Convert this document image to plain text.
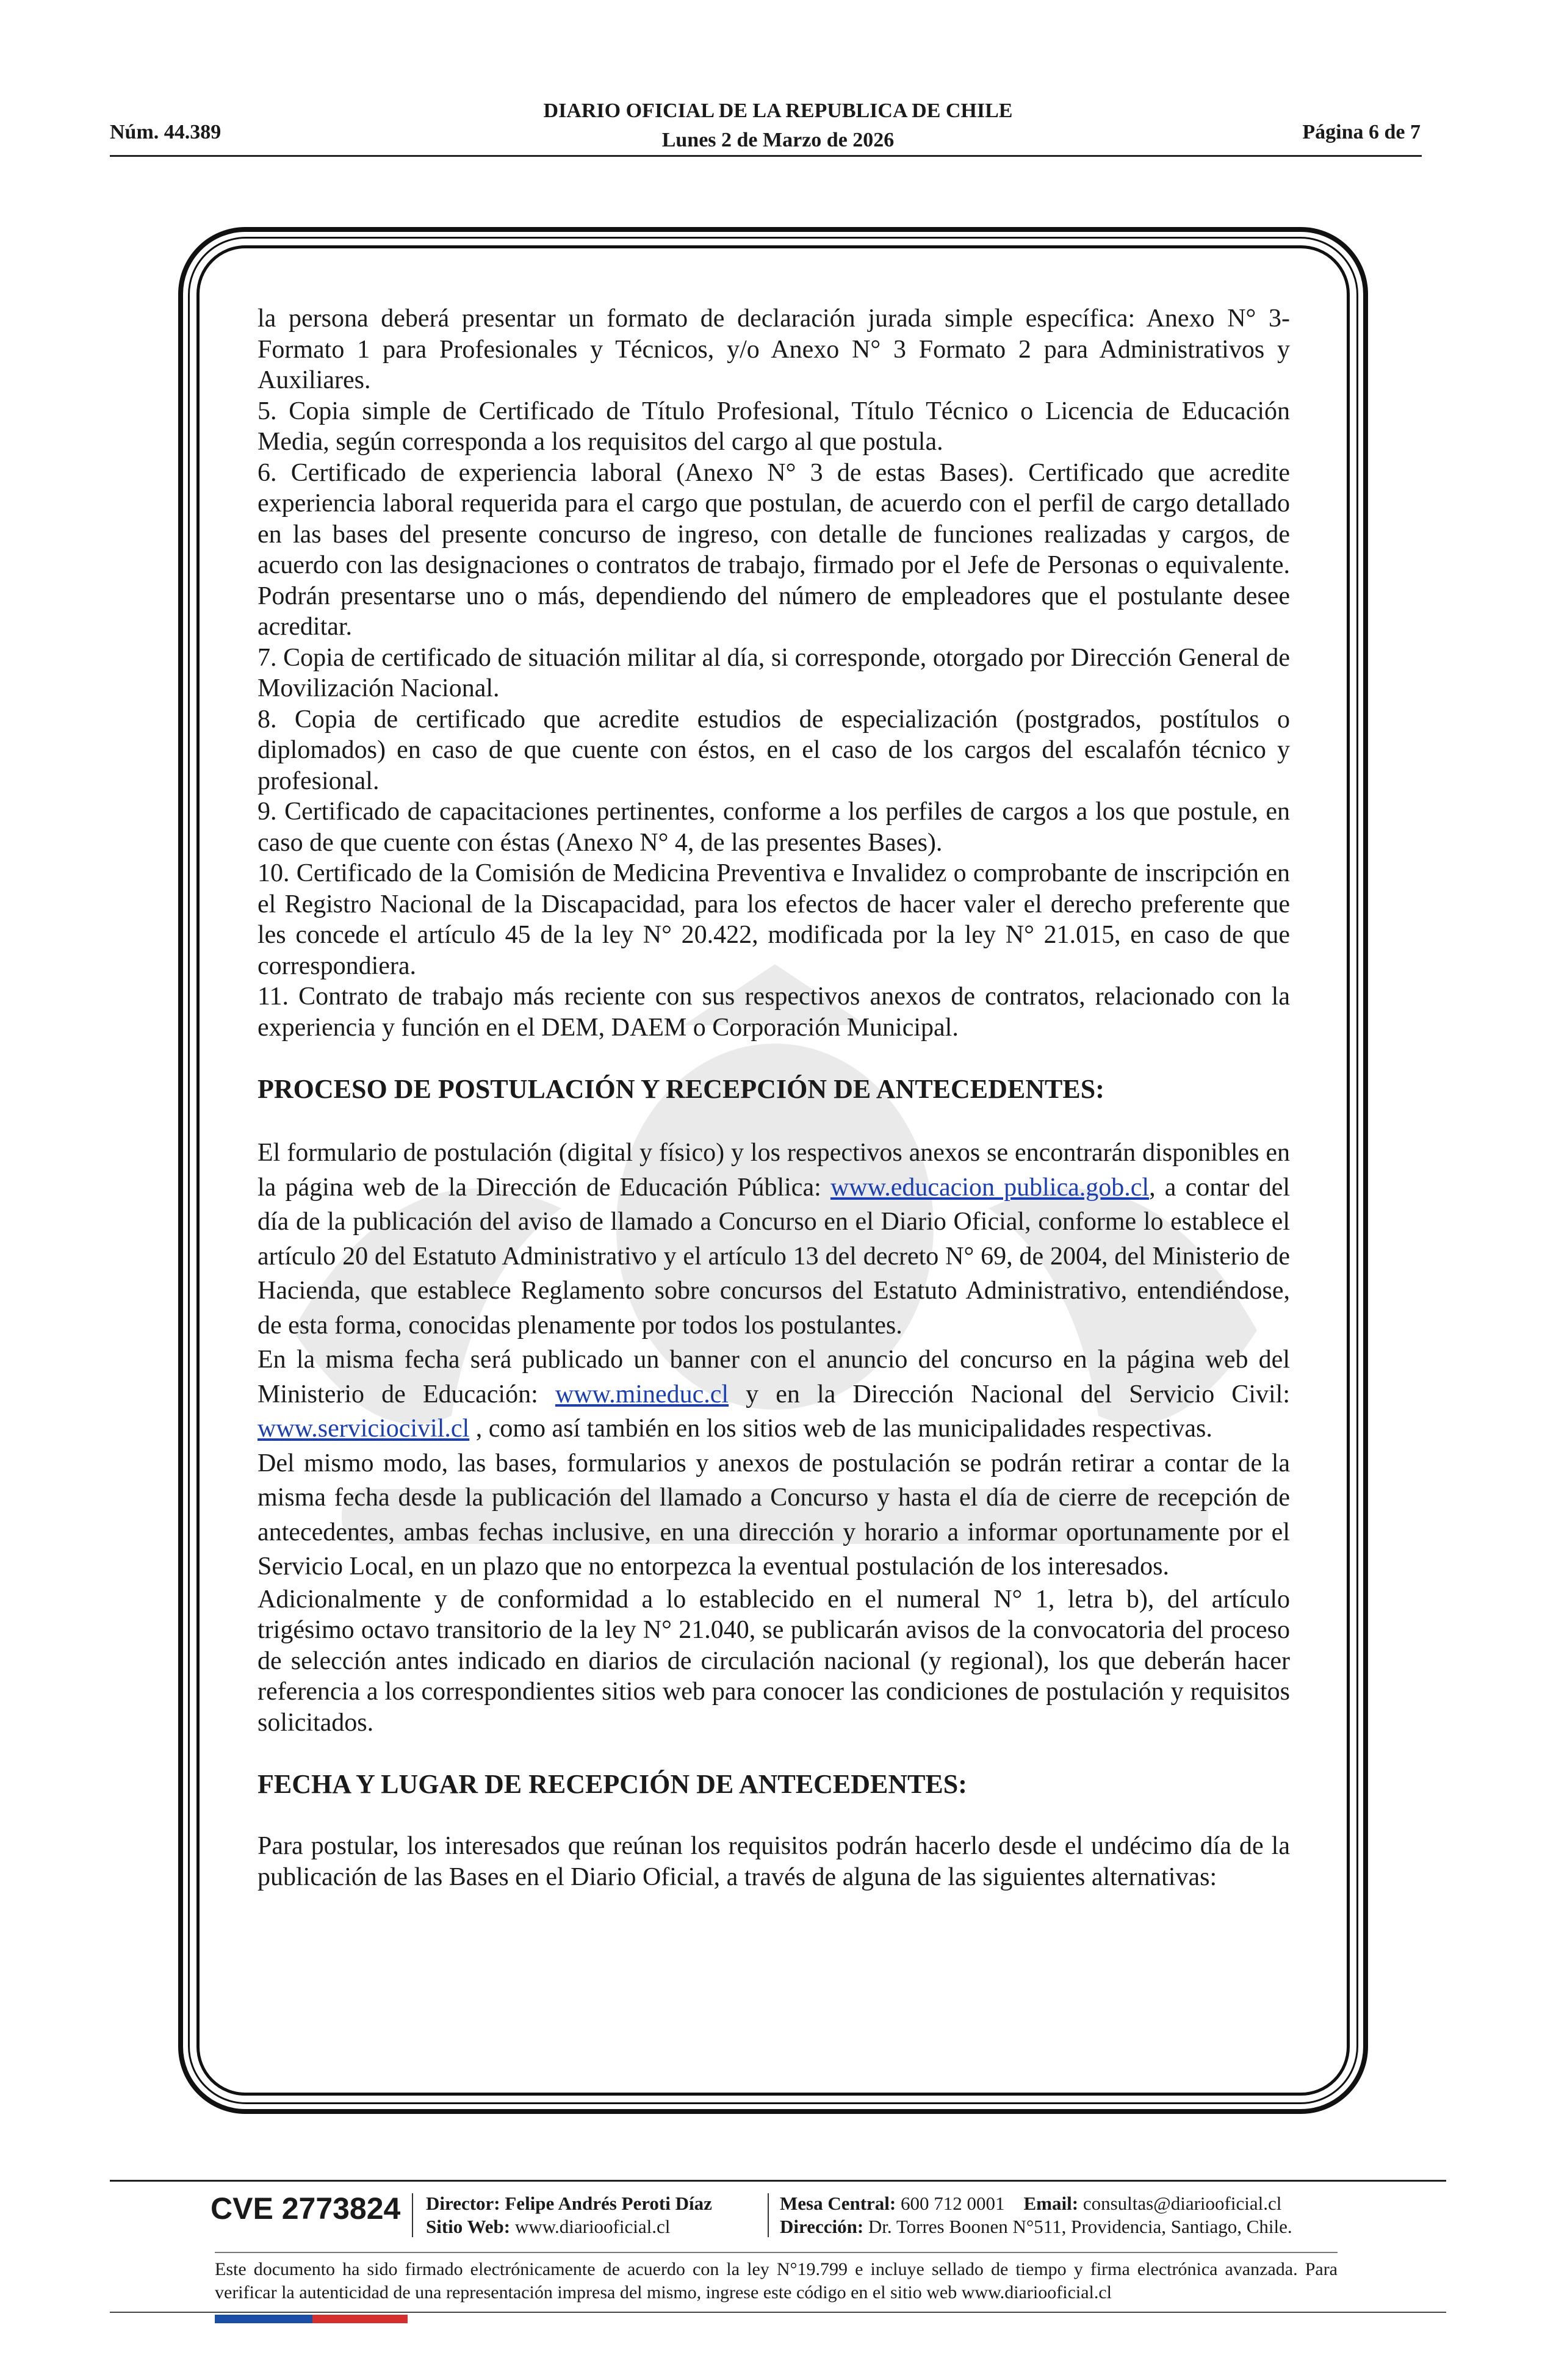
DIARIO OFICIAL DE LA REPUBLICA DE CHILE
Lunes 2 de Marzo de 2026
Núm. 44.389	Página 6 de 7

la persona deberá presentar un formato de declaración jurada simple específica: Anexo N° 3-Formato 1 para Profesionales y Técnicos, y/o Anexo N° 3 Formato 2 para Administrativos y Auxiliares.

5. Copia simple de Certificado de Título Profesional, Título Técnico o Licencia de Educación Media, según corresponda a los requisitos del cargo al que postula.

6. Certificado de experiencia laboral (Anexo N° 3 de estas Bases). Certificado que acredite experiencia laboral requerida para el cargo que postulan, de acuerdo con el perfil de cargo detallado en las bases del presente concurso de ingreso, con detalle de funciones realizadas y cargos, de acuerdo con las designaciones o contratos de trabajo, firmado por el Jefe de Personas o equivalente. Podrán presentarse uno o más, dependiendo del número de empleadores que el postulante desee acreditar.

7. Copia de certificado de situación militar al día, si corresponde, otorgado por Dirección General de Movilización Nacional.

8. Copia de certificado que acredite estudios de especialización (postgrados, postítulos o diplomados) en caso de que cuente con éstos, en el caso de los cargos del escalafón técnico y profesional.

9. Certificado de capacitaciones pertinentes, conforme a los perfiles de cargos a los que postule, en caso de que cuente con éstas (Anexo N° 4, de las presentes Bases).

10. Certificado de la Comisión de Medicina Preventiva e Invalidez o comprobante de inscripción en el Registro Nacional de la Discapacidad, para los efectos de hacer valer el derecho preferente que les concede el artículo 45 de la ley N° 20.422, modificada por la ley N° 21.015, en caso de que correspondiera.

11. Contrato de trabajo más reciente con sus respectivos anexos de contratos, relacionado con la experiencia y función en el DEM, DAEM o Corporación Municipal.

PROCESO DE POSTULACIÓN Y RECEPCIÓN DE ANTECEDENTES:

El formulario de postulación (digital y físico) y los respectivos anexos se encontrarán disponibles en la página web de la Dirección de Educación Pública: www.educacion publica.gob.cl, a contar del día de la publicación del aviso de llamado a Concurso en el Diario Oficial, conforme lo establece el artículo 20 del Estatuto Administrativo y el artículo 13 del decreto N° 69, de 2004, del Ministerio de Hacienda, que establece Reglamento sobre concursos del Estatuto Administrativo, entendiéndose, de esta forma, conocidas plenamente por todos los postulantes.

En la misma fecha será publicado un banner con el anuncio del concurso en la página web del Ministerio de Educación: www.mineduc.cl y en la Dirección Nacional del Servicio Civil: www.serviciocivil.cl , como así también en los sitios web de las municipalidades respectivas.

Del mismo modo, las bases, formularios y anexos de postulación se podrán retirar a contar de la misma fecha desde la publicación del llamado a Concurso y hasta el día de cierre de recepción de antecedentes, ambas fechas inclusive, en una dirección y horario a informar oportunamente por el Servicio Local, en un plazo que no entorpezca la eventual postulación de los interesados.

Adicionalmente y de conformidad a lo establecido en el numeral N° 1, letra b), del artículo trigésimo octavo transitorio de la ley N° 21.040, se publicarán avisos de la convocatoria del proceso de selección antes indicado en diarios de circulación nacional (y regional), los que deberán hacer referencia a los correspondientes sitios web para conocer las condiciones de postulación y requisitos solicitados.

FECHA Y LUGAR DE RECEPCIÓN DE ANTECEDENTES:

Para postular, los interesados que reúnan los requisitos podrán hacerlo desde el undécimo día de la publicación de las Bases en el Diario Oficial, a través de alguna de las siguientes alternativas:

CVE 2773824 Director: Felipe Andrés Peroti Díaz
Sitio Web: www.diariooficial.cl
Mesa Central: 600 712 0001 Email: consultas@diariooficial.cl
Dirección: Dr. Torres Boonen N°511, Providencia, Santiago, Chile.
Este documento ha sido firmado electrónicamente de acuerdo con la ley N°19.799 e incluye sellado de tiempo y firma electrónica avanzada. Para verificar la autenticidad de una representación impresa del mismo, ingrese este código en el sitio web www.diariooficial.cl
